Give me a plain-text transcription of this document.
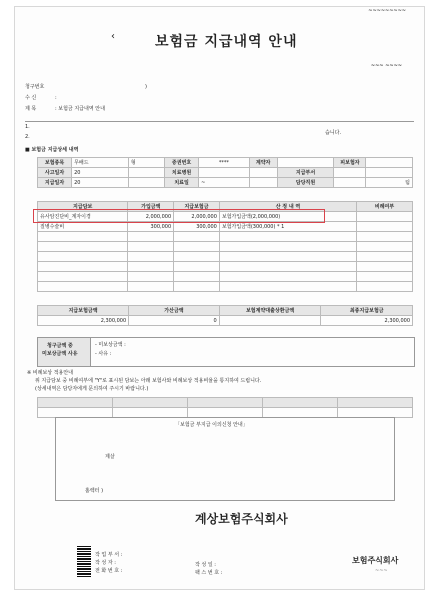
~~~~~~~~~
‹	보험금 지급내역 안내
~~~ ~~~~
청구번호	)
수 신	:
제 목	: 보험금 지급내역 안내
1.
습니다.
2.
■ 보험금 지급상세 내역
보험종목	무배드	형	증권번호	****	계약자		피보험자	
사고일자	20		치료병원			지급부서		
지급일자	20		치료일	~		담당직원		팀
지급담보	가입금액	지급보험금	산 정 내 역	비례여부
유사암진단비_계자이경	2,000,000	2,000,000	보험가입금액(2,000,000)	
질병수술비	300,000	300,000	보험가입금액(300,000) * 1	

지급보험금액	가산금액	보험계약대출상환금액	최종지급보험금
2,300,000	0		2,300,000
청구금액 중
미보상금액 사유
- 미보상금액 :
- 사유 :
※ 비례보상 적용안내
위 지급담보 중 비례여부에 "Y"로 표시된 담보는 아래 보험사와 비례보상 적용비율을 통지하여 드립니다.
(상세내역은 담당자에게 문의하여 주시기 바랍니다.)

「보험금 부지급 이의신청 안내」
제살
홈렉터 )
계상보험주식회사
작 업 부 서 :
작 성 자 :
전 화 번 호 :
작 성 일 :
팩 스 번 호 :
보험주식회사
~~~
